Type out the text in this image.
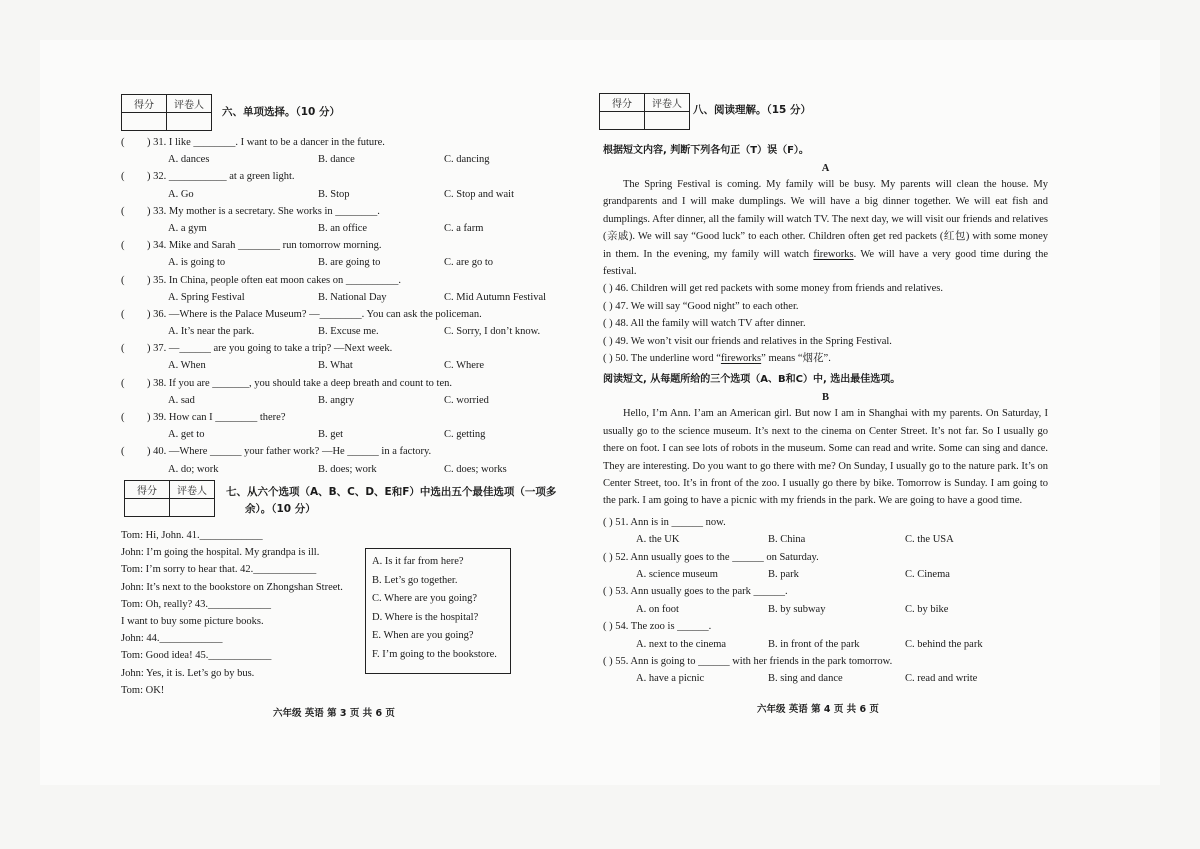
得分	评卷人

六、单项选择。（10 分）
( ) 31. I like ________. I want to be a dancer in the future.
A. dances	B. dance	C. dancing
( ) 32. ___________ at a green light.
A. Go	B. Stop	C. Stop and wait
( ) 33. My mother is a secretary. She works in ________.
A. a gym	B. an office	C. a farm
( ) 34. Mike and Sarah ________ run tomorrow morning.
A. is going to	B. are going to	C. are go to
( ) 35. In China, people often eat moon cakes on __________.
A. Spring Festival	B. National Day	C. Mid Autumn Festival
( ) 36. —Where is the Palace Museum? —________. You can ask the policeman.
A. It’s near the park.	B. Excuse me.	C. Sorry, I don’t know.
( ) 37. —______ are you going to take a trip? —Next week.
A. When	B. What	C. Where
( ) 38. If you are _______, you should take a deep breath and count to ten.
A. sad	B. angry	C. worried
( ) 39. How can I ________ there?
A. get to	B. get	C. getting
( ) 40. —Where ______ your father work? —He ______ in a factory.
A. do; work	B. does; work	C. does; works
得分	评卷人
	七、从六个选项（A、B、C、D、E和F）中选出五个最佳选项（一项多
余）。（10 分）
Tom: Hi, John. 41.____________
John: I’m going the hospital. My grandpa is ill.
Tom: I’m sorry to hear that. 42.____________
John: It’s next to the bookstore on Zhongshan Street.
Tom: Oh, really? 43.____________
I want to buy some picture books.
John: 44.____________
Tom: Good idea! 45.____________
John: Yes, it is. Let’s go by bus.
Tom: OK!
A. Is it far from here?
B. Let’s go together.
C. Where are you going?
D. Where is the hospital?
E. When are you going?
F. I’m going to the bookstore.
六年级 英语 第 3 页 共 6 页
得分	评卷人
	八、阅读理解。（15 分）
根据短文内容, 判断下列各句正（T）误（F）。
A
The Spring Festival is coming. My family will be busy. My parents will clean the house. My grandparents and I will make dumplings. We will have a big dinner together. We will eat fish and dumplings. After dinner, all the family will watch TV. The next day, we will visit our friends and relatives (亲戚). We will say “Good luck” to each other. Children often get red packets (红包) with some money in them. In the evening, my family will watch fireworks. We will have a very good time during the festival.
( ) 46. Children will get red packets with some money from friends and relatives.
( ) 47. We will say “Good night” to each other.
( ) 48. All the family will watch TV after dinner.
( ) 49. We won’t visit our friends and relatives in the Spring Festival.
( ) 50. The underline word “fireworks” means “烟花”.
阅读短文, 从每题所给的三个选项（A、B和C）中, 选出最佳选项。
B
Hello, I’m Ann. I’am an American girl. But now I am in Shanghai with my parents. On Saturday, I usually go to the science museum. It’s next to the cinema on Center Street. It’s not far. So I usually go there on foot. I can see lots of robots in the museum. Some can read and write. Some can sing and dance. They are interesting. Do you want to go there with me? On Sunday, I usually go to the nature park. It’s on Center Street, too. It’s in front of the zoo. I usually go there by bike. Tomorrow is Sunday. I am going to the park. I am going to have a picnic with my friends in the park. We are going to have a good time.
( ) 51. Ann is in ______ now.
A. the UK	B. China	C. the USA
( ) 52. Ann usually goes to the ______ on Saturday.
A. science museum	B. park	C. Cinema
( ) 53. Ann usually goes to the park ______.
A. on foot	B. by subway	C. by bike
( ) 54. The zoo is ______.
A. next to the cinema	B. in front of the park	C. behind the park
( ) 55. Ann is going to ______ with her friends in the park tomorrow.
A. have a picnic	B. sing and dance	C. read and write
六年级 英语 第 4 页 共 6 页
